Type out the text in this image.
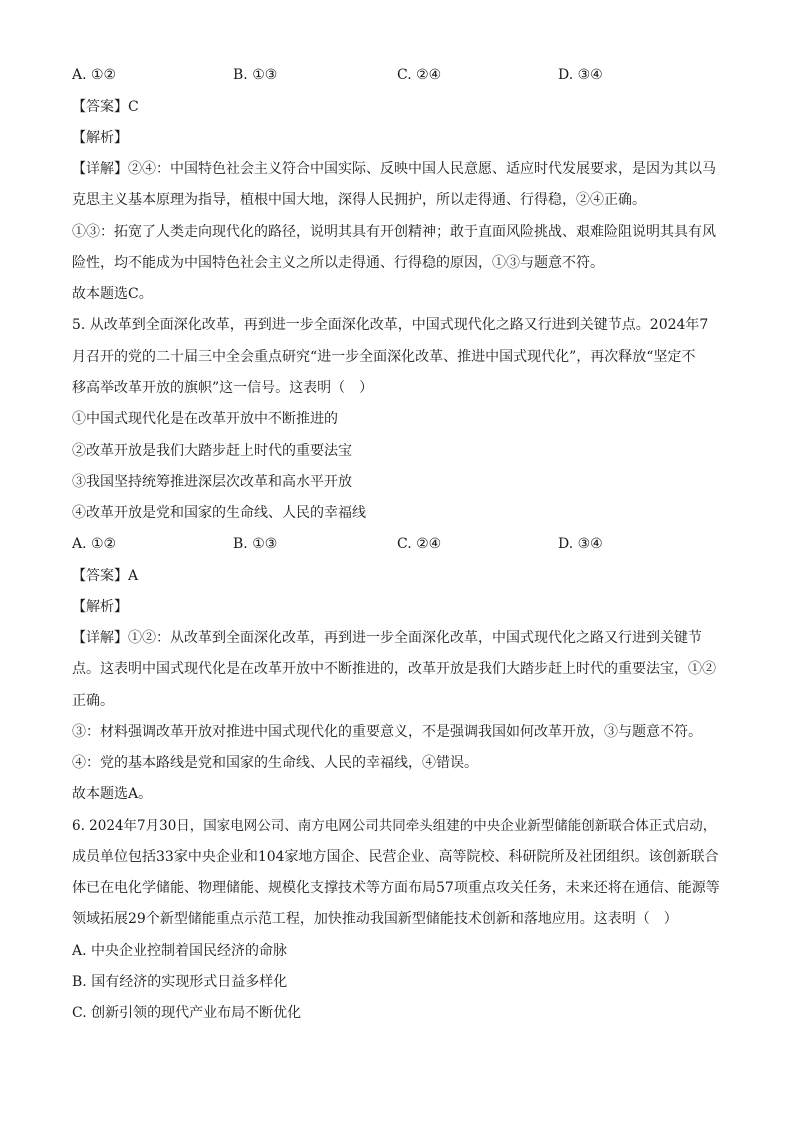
A. ①②	B. ①③	C. ②④	D. ③④
【答案】C
【解析】
【详解】②④：中国特色社会主义符合中国实际、反映中国人民意愿、适应时代发展要求，是因为其以马
克思主义基本原理为指导，植根中国大地，深得人民拥护，所以走得通、行得稳，②④正确。
①③：拓宽了人类走向现代化的路径，说明其具有开创精神；敢于直面风险挑战、艰难险阻说明其具有风
险性，均不能成为中国特色社会主义之所以走得通、行得稳的原因，①③与题意不符。
故本题选C。
5. 从改革到全面深化改革，再到进一步全面深化改革，中国式现代化之路又行进到关键节点。2024年7
月召开的党的二十届三中全会重点研究“进一步全面深化改革、推进中国式现代化”，再次释放“坚定不
移高举改革开放的旗帜”这一信号。这表明（　）
①中国式现代化是在改革开放中不断推进的
②改革开放是我们大踏步赶上时代的重要法宝
③我国坚持统筹推进深层次改革和高水平开放
④改革开放是党和国家的生命线、人民的幸福线
A. ①②	B. ①③	C. ②④	D. ③④
【答案】A
【解析】
【详解】①②：从改革到全面深化改革，再到进一步全面深化改革，中国式现代化之路又行进到关键节
点。这表明中国式现代化是在改革开放中不断推进的，改革开放是我们大踏步赶上时代的重要法宝，①②
正确。
③：材料强调改革开放对推进中国式现代化的重要意义，不是强调我国如何改革开放，③与题意不符。
④：党的基本路线是党和国家的生命线、人民的幸福线，④错误。
故本题选A。
6. 2024年7月30日，国家电网公司、南方电网公司共同牵头组建的中央企业新型储能创新联合体正式启动，
成员单位包括33家中央企业和104家地方国企、民营企业、高等院校、科研院所及社团组织。该创新联合
体已在电化学储能、物理储能、规模化支撑技术等方面布局57项重点攻关任务，未来还将在通信、能源等
领域拓展29个新型储能重点示范工程，加快推动我国新型储能技术创新和落地应用。这表明（　）
A. 中央企业控制着国民经济的命脉
B. 国有经济的实现形式日益多样化
C. 创新引领的现代产业布局不断优化
